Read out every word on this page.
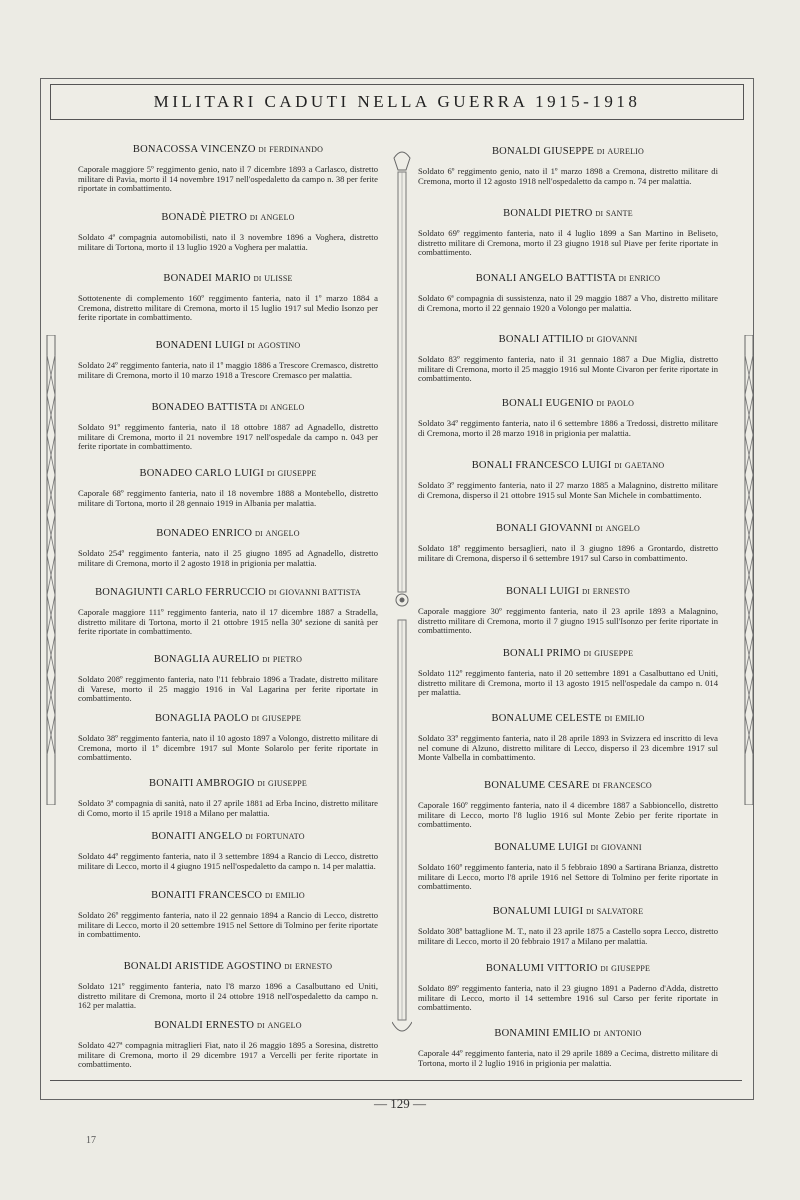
MILITARI CADUTI NELLA GUERRA 1915-1918
BONACOSSA VINCENZO DI FERDINANDO
Caporale maggiore 5º reggimento genio, nato il 7 dicembre 1893 a Carlasco, distretto militare di Pavia, morto il 14 novembre 1917 nell'ospedaletto da campo n. 38 per ferite riportate in combattimento.
BONADÈ PIETRO DI ANGELO
Soldato 4ª compagnia automobilisti, nato il 3 novembre 1896 a Voghera, distretto militare di Tortona, morto il 13 luglio 1920 a Voghera per malattia.
BONADEI MARIO DI ULISSE
Sottotenente di complemento 160º reggimento fanteria, nato il 1º marzo 1884 a Cremona, distretto militare di Cremona, morto il 15 luglio 1917 sul Medio Isonzo per ferite riportate in combattimento.
BONADENI LUIGI DI AGOSTINO
Soldato 24º reggimento fanteria, nato il 1º maggio 1886 a Trescore Cremasco, distretto militare di Cremona, morto il 10 marzo 1918 a Trescore Cremasco per malattia.
BONADEO BATTISTA DI ANGELO
Soldato 91º reggimento fanteria, nato il 18 ottobre 1887 ad Agnadello, distretto militare di Cremona, morto il 21 novembre 1917 nell'ospedale da campo n. 043 per ferite riportate in combattimento.
BONADEO CARLO LUIGI DI GIUSEPPE
Caporale 68º reggimento fanteria, nato il 18 novembre 1888 a Montebello, distretto militare di Tortona, morto il 28 gennaio 1919 in Albania per malattia.
BONADEO ENRICO DI ANGELO
Soldato 254º reggimento fanteria, nato il 25 giugno 1895 ad Agnadello, distretto militare di Cremona, morto il 2 agosto 1918 in prigionia per malattia.
BONAGIUNTI CARLO FERRUCCIO DI GIOVANNI BATTISTA
Caporale maggiore 111º reggimento fanteria, nato il 17 dicembre 1887 a Stradella, distretto militare di Tortona, morto il 21 ottobre 1915 nella 30ª sezione di sanità per ferite riportate in combattimento.
BONAGLIA AURELIO DI PIETRO
Soldato 208º reggimento fanteria, nato l'11 febbraio 1896 a Tradate, distretto militare di Varese, morto il 25 maggio 1916 in Val Lagarina per ferite riportate in combattimento.
BONAGLIA PAOLO DI GIUSEPPE
Soldato 38º reggimento fanteria, nato il 10 agosto 1897 a Volongo, distretto militare di Cremona, morto il 1º dicembre 1917 sul Monte Solarolo per ferite riportate in combattimento.
BONAITI AMBROGIO DI GIUSEPPE
Soldato 3ª compagnia di sanità, nato il 27 aprile 1881 ad Erba Incino, distretto militare di Como, morto il 15 aprile 1918 a Milano per malattia.
BONAITI ANGELO DI FORTUNATO
Soldato 44º reggimento fanteria, nato il 3 settembre 1894 a Rancio di Lecco, distretto militare di Lecco, morto il 4 giugno 1915 nell'ospedaletto da campo n. 14 per malattia.
BONAITI FRANCESCO DI EMILIO
Soldato 26º reggimento fanteria, nato il 22 gennaio 1894 a Rancio di Lecco, distretto militare di Lecco, morto il 20 settembre 1915 nel Settore di Tolmino per ferite riportate in combattimento.
BONALDI ARISTIDE AGOSTINO DI ERNESTO
Soldato 121º reggimento fanteria, nato l'8 marzo 1896 a Casalbuttano ed Uniti, distretto militare di Cremona, morto il 24 ottobre 1918 nell'ospedaletto da campo n. 162 per malattia.
BONALDI ERNESTO DI ANGELO
Soldato 427ª compagnia mitraglieri Fiat, nato il 26 maggio 1895 a Soresina, distretto militare di Cremona, morto il 29 dicembre 1917 a Vercelli per ferite riportate in combattimento.
BONALDI GIUSEPPE DI AURELIO
Soldato 6º reggimento genio, nato il 1º marzo 1898 a Cremona, distretto militare di Cremona, morto il 12 agosto 1918 nell'ospedaletto da campo n. 74 per malattia.
BONALDI PIETRO DI SANTE
Soldato 69º reggimento fanteria, nato il 4 luglio 1899 a San Martino in Beliseto, distretto militare di Cremona, morto il 23 giugno 1918 sul Piave per ferite riportate in combattimento.
BONALI ANGELO BATTISTA DI ENRICO
Soldato 6ª compagnia di sussistenza, nato il 29 maggio 1887 a Vho, distretto militare di Cremona, morto il 22 gennaio 1920 a Volongo per malattia.
BONALI ATTILIO DI GIOVANNI
Soldato 83º reggimento fanteria, nato il 31 gennaio 1887 a Due Miglia, distretto militare di Cremona, morto il 25 maggio 1916 sul Monte Civaron per ferite riportate in combattimento.
BONALI EUGENIO DI PAOLO
Soldato 34º reggimento fanteria, nato il 6 settembre 1886 a Tredossi, distretto militare di Cremona, morto il 28 marzo 1918 in prigionia per malattia.
BONALI FRANCESCO LUIGI DI GAETANO
Soldato 3º reggimento fanteria, nato il 27 marzo 1885 a Malagnino, distretto militare di Cremona, disperso il 21 ottobre 1915 sul Monte San Michele in combattimento.
BONALI GIOVANNI DI ANGELO
Soldato 18º reggimento bersaglieri, nato il 3 giugno 1896 a Grontardo, distretto militare di Cremona, disperso il 6 settembre 1917 sul Carso in combattimento.
BONALI LUIGI DI ERNESTO
Caporale maggiore 30º reggimento fanteria, nato il 23 aprile 1893 a Malagnino, distretto militare di Cremona, morto il 7 giugno 1915 sull'Isonzo per ferite riportate in combattimento.
BONALI PRIMO DI GIUSEPPE
Soldato 112º reggimento fanteria, nato il 20 settembre 1891 a Casalbuttano ed Uniti, distretto militare di Cremona, morto il 13 agosto 1915 nell'ospedale da campo n. 014 per malattia.
BONALUME CELESTE DI EMILIO
Soldato 33º reggimento fanteria, nato il 28 aprile 1893 in Svizzera ed inscritto di leva nel comune di Alzuno, distretto militare di Lecco, disperso il 23 dicembre 1917 sul Monte Valbella in combattimento.
BONALUME CESARE DI FRANCESCO
Caporale 160º reggimento fanteria, nato il 4 dicembre 1887 a Sabbioncello, distretto militare di Lecco, morto l'8 luglio 1916 sul Monte Zebio per ferite riportate in combattimento.
BONALUME LUIGI DI GIOVANNI
Soldato 160º reggimento fanteria, nato il 5 febbraio 1890 a Sartirana Brianza, distretto militare di Lecco, morto l'8 aprile 1916 nel Settore di Tolmino per ferite riportate in combattimento.
BONALUMI LUIGI DI SALVATORE
Soldato 308º battaglione M. T., nato il 23 aprile 1875 a Castello sopra Lecco, distretto militare di Lecco, morto il 20 febbraio 1917 a Milano per malattia.
BONALUMI VITTORIO DI GIUSEPPE
Soldato 89º reggimento fanteria, nato il 23 giugno 1891 a Paderno d'Adda, distretto militare di Lecco, morto il 14 settembre 1916 sul Carso per ferite riportate in combattimento.
BONAMINI EMILIO DI ANTONIO
Caporale 44º reggimento fanteria, nato il 29 aprile 1889 a Cecima, distretto militare di Tortona, morto il 2 luglio 1916 in prigionia per malattia.
— 129 —
17
